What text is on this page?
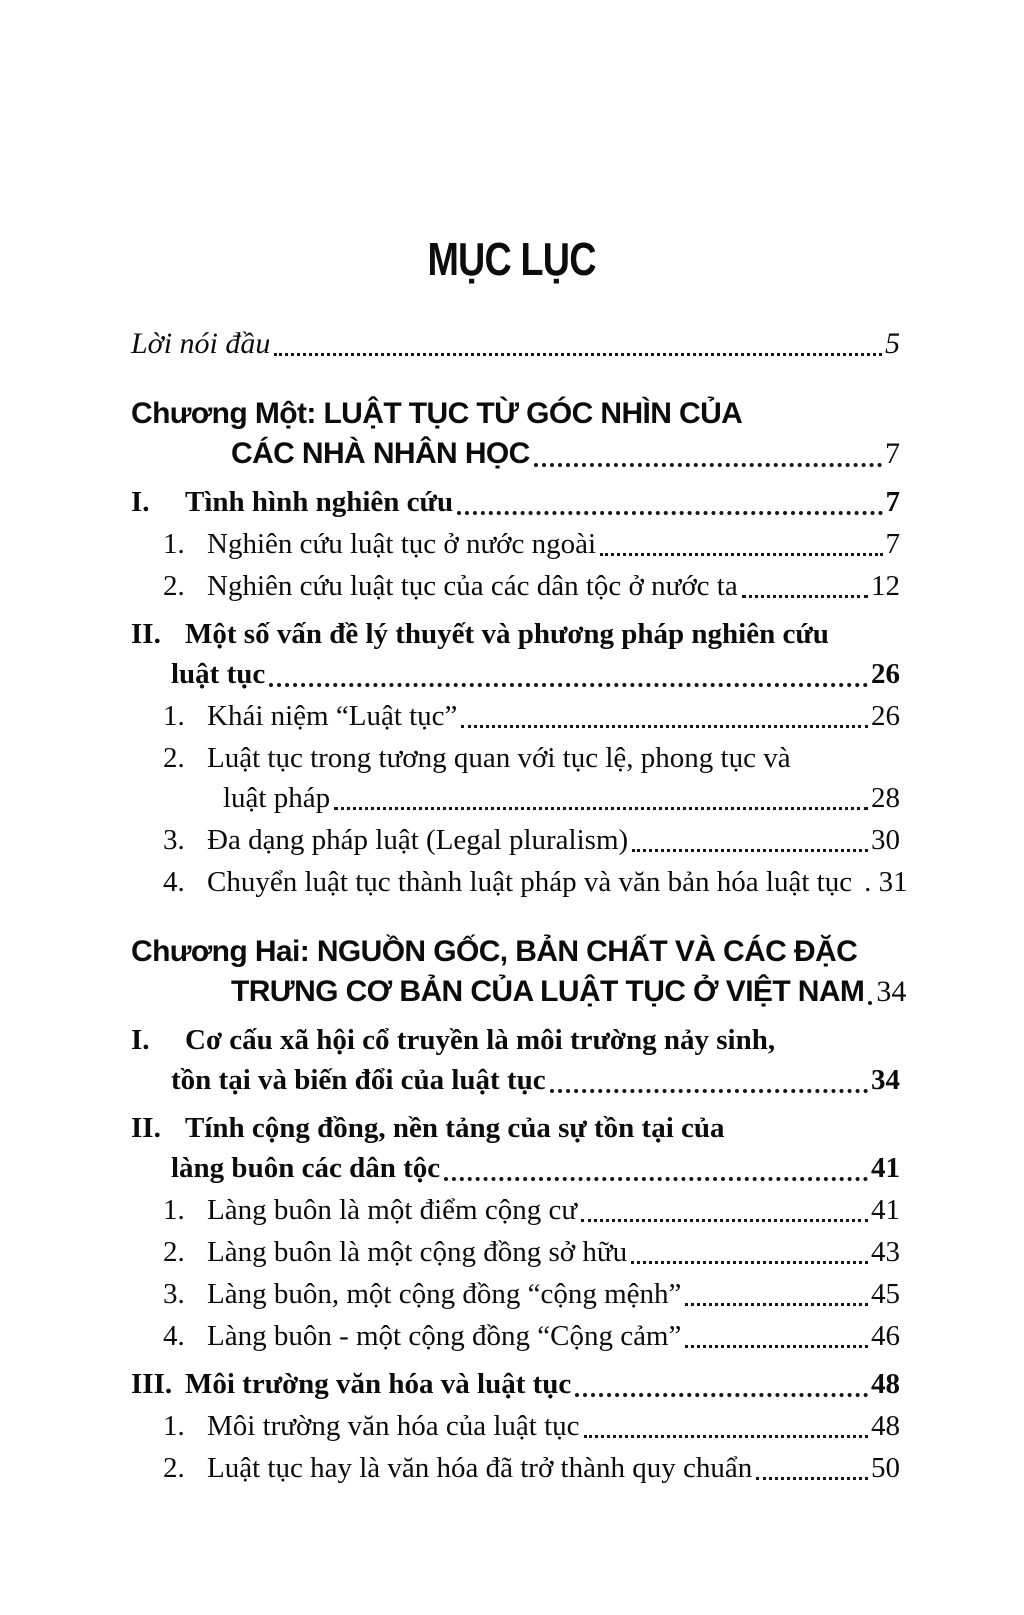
MỤC LỤC
Lời nói đầu	5
Chương Một: LUẬT TỤC TỪ GÓC NHÌN CỦA
CÁC NHÀ NHÂN HỌC	7
I.	Tình hình nghiên cứu	7
1. Nghiên cứu luật tục ở nước ngoài	7
2. Nghiên cứu luật tục của các dân tộc ở nước ta	12
II. Một số vấn đề lý thuyết và phương pháp nghiên cứu
luật tục	26
1. Khái niệm “Luật tục”	26
2. Luật tục trong tương quan với tục lệ, phong tục và
luật pháp	28
3. Đa dạng pháp luật (Legal pluralism)	30
4. Chuyển luật tục thành luật pháp và văn bản hóa luật tục . 31
Chương Hai: NGUỒN GỐC, BẢN CHẤT VÀ CÁC ĐẶC
TRƯNG CƠ BẢN CỦA LUẬT TỤC Ở VIỆT NAM 34
I.	Cơ cấu xã hội cổ truyền là môi trường nảy sinh,
tồn tại và biến đổi của luật tục	34
II. Tính cộng đồng, nền tảng của sự tồn tại của
làng buôn các dân tộc	41
1. Làng buôn là một điểm cộng cư	41
2. Làng buôn là một cộng đồng sở hữu	43
3. Làng buôn, một cộng đồng “cộng mệnh”	45
4. Làng buôn - một cộng đồng “Cộng cảm”	46
III. Môi trường văn hóa và luật tục	48
1. Môi trường văn hóa của luật tục	48
2. Luật tục hay là văn hóa đã trở thành quy chuẩn	50
